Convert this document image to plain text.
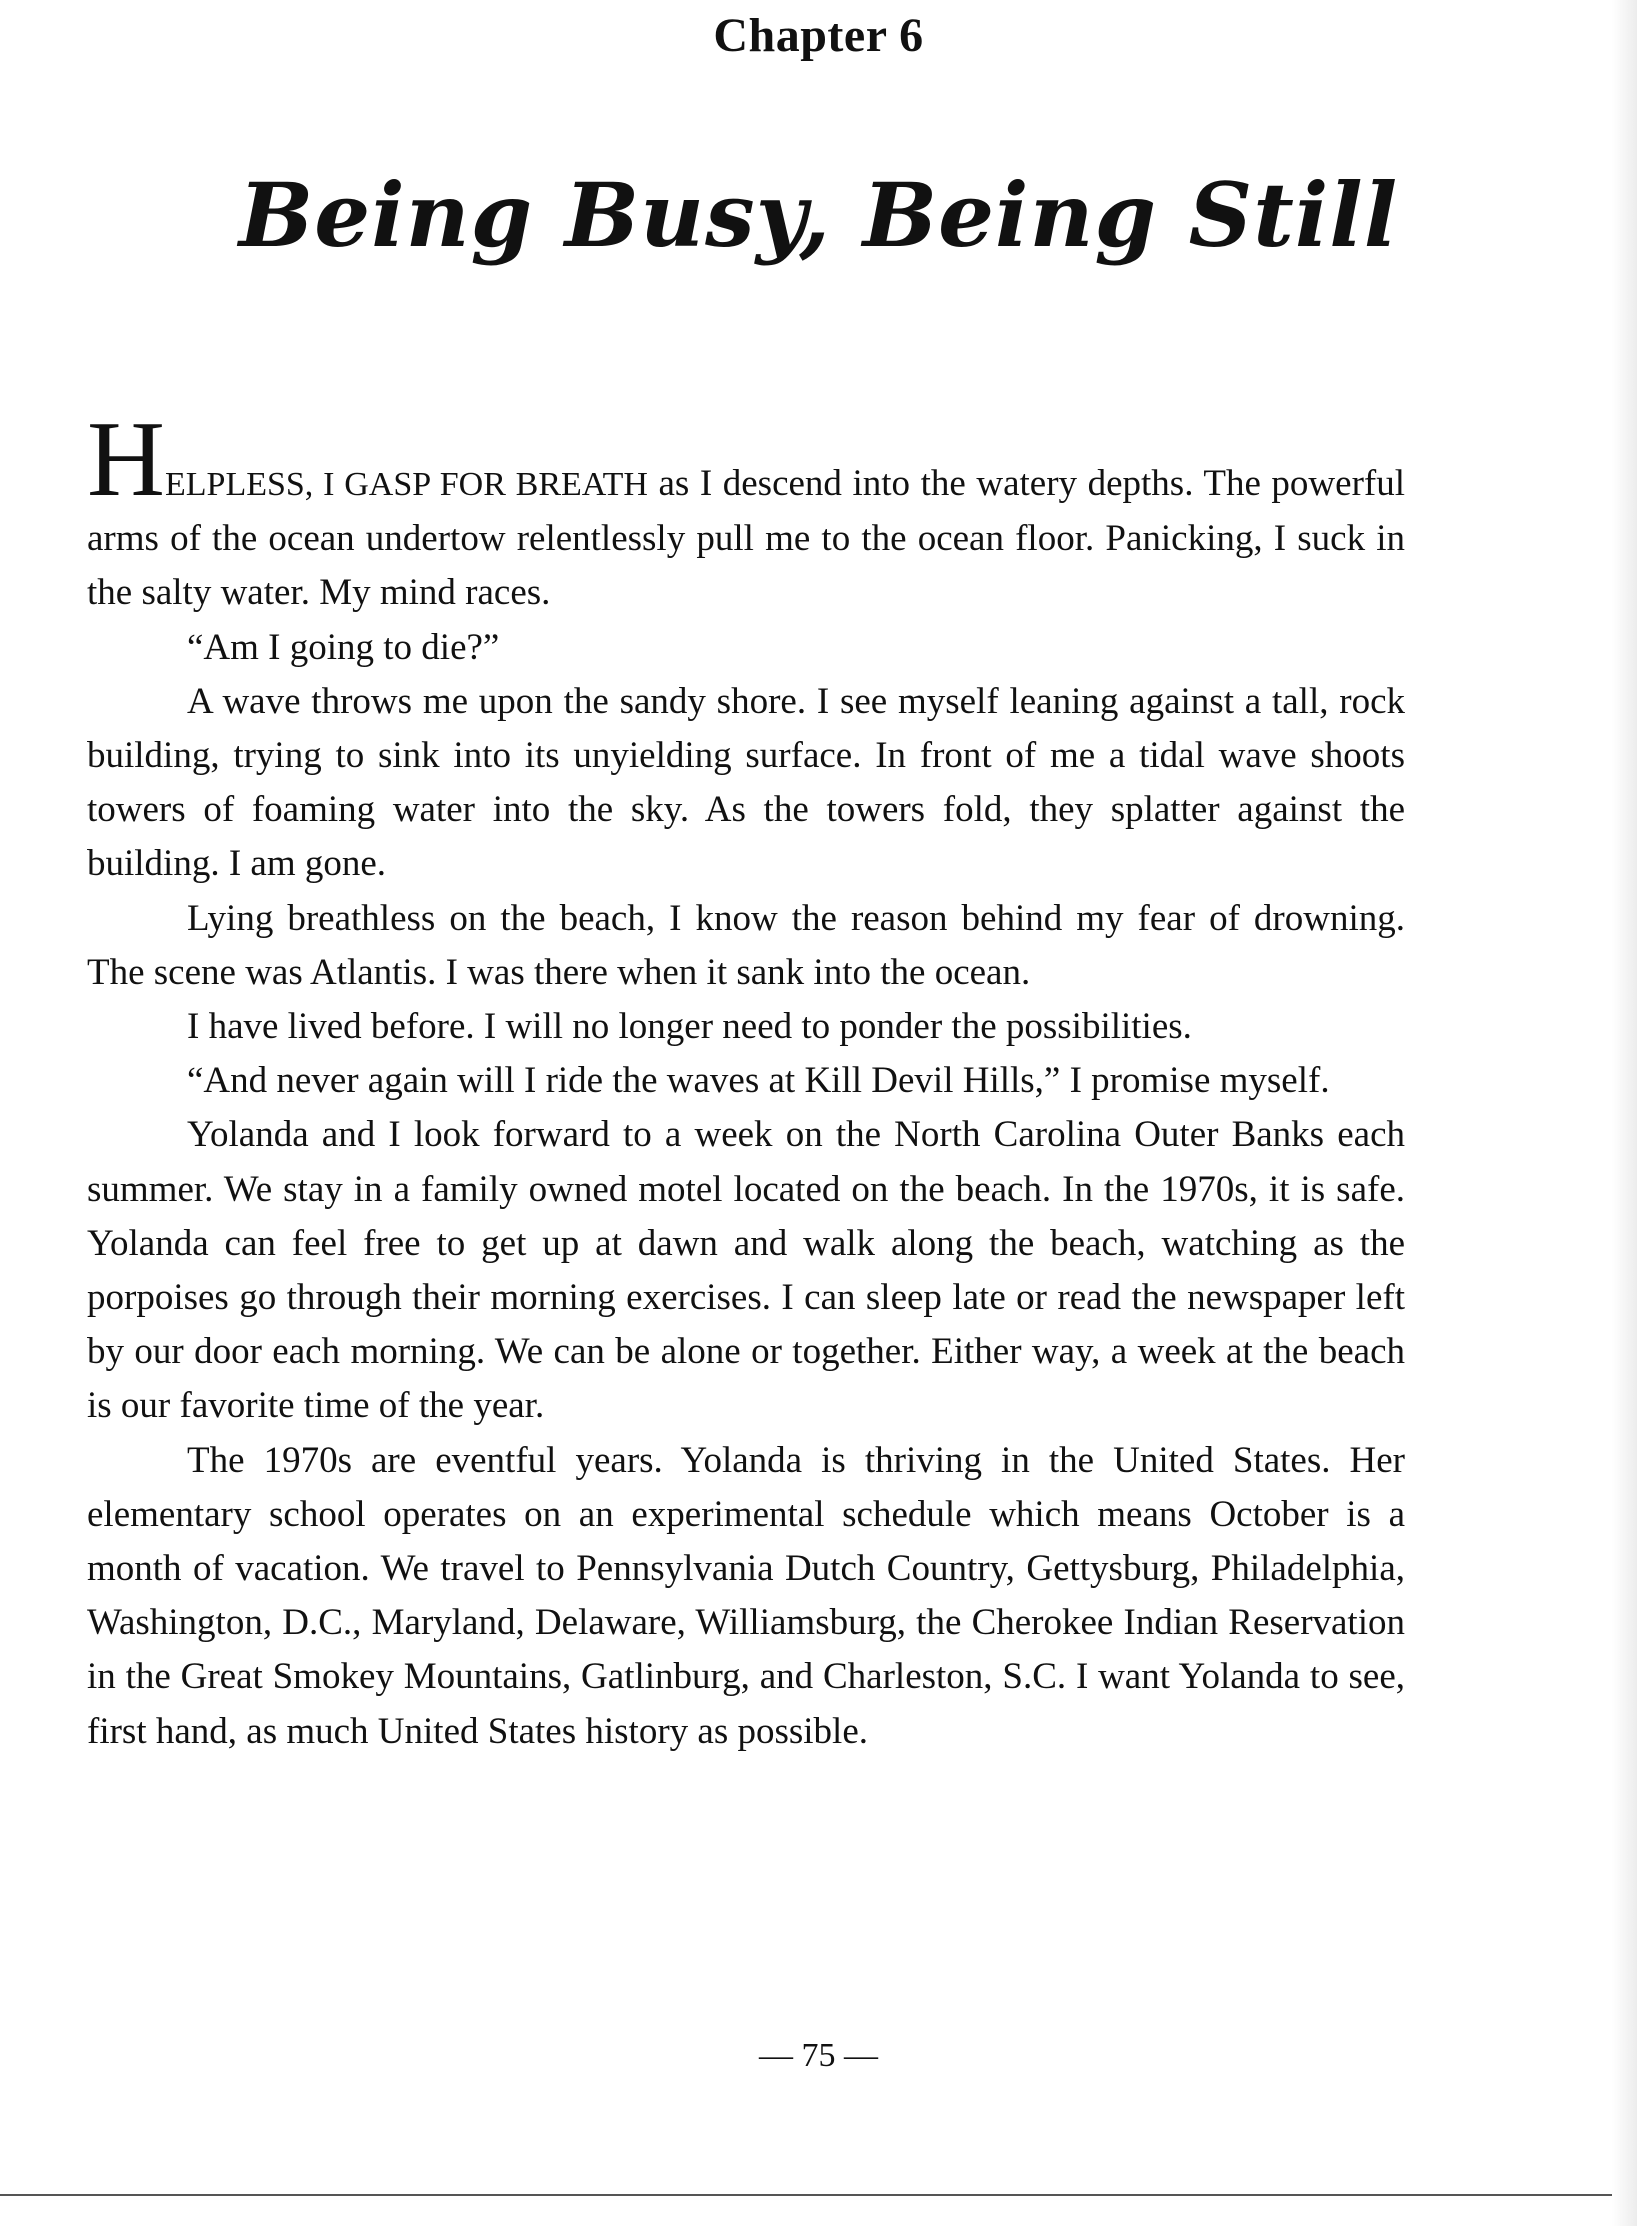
Chapter 6
Being Busy, Being Still

HELPLESS, I GASP FOR BREATH as I descend into the watery depths. The powerful arms of the ocean undertow relentlessly pull me to the ocean floor. Panicking, I suck in the salty water. My mind races.

“Am I going to die?”

A wave throws me upon the sandy shore. I see myself leaning against a tall, rock building, trying to sink into its unyielding surface. In front of me a tidal wave shoots towers of foaming water into the sky. As the towers fold, they splatter against the building. I am gone.

Lying breathless on the beach, I know the reason behind my fear of drowning. The scene was Atlantis. I was there when it sank into the ocean.

I have lived before. I will no longer need to ponder the possibilities.

“And never again will I ride the waves at Kill Devil Hills,” I promise myself.

Yolanda and I look forward to a week on the North Carolina Outer Banks each summer. We stay in a family owned motel located on the beach. In the 1970s, it is safe. Yolanda can feel free to get up at dawn and walk along the beach, watching as the porpoises go through their morning exercises. I can sleep late or read the newspaper left by our door each morning. We can be alone or together. Either way, a week at the beach is our favorite time of the year.

The 1970s are eventful years. Yolanda is thriving in the United States. Her elementary school operates on an experimental schedule which means October is a month of vacation. We travel to Pennsylvania Dutch Country, Gettysburg, Philadelphia, Washington, D.C., Maryland, Delaware, Williamsburg, the Cherokee Indian Reservation in the Great Smokey Mountains, Gatlinburg, and Charleston, S.C. I want Yolanda to see, first hand, as much United States history as possible.

— 75 —
